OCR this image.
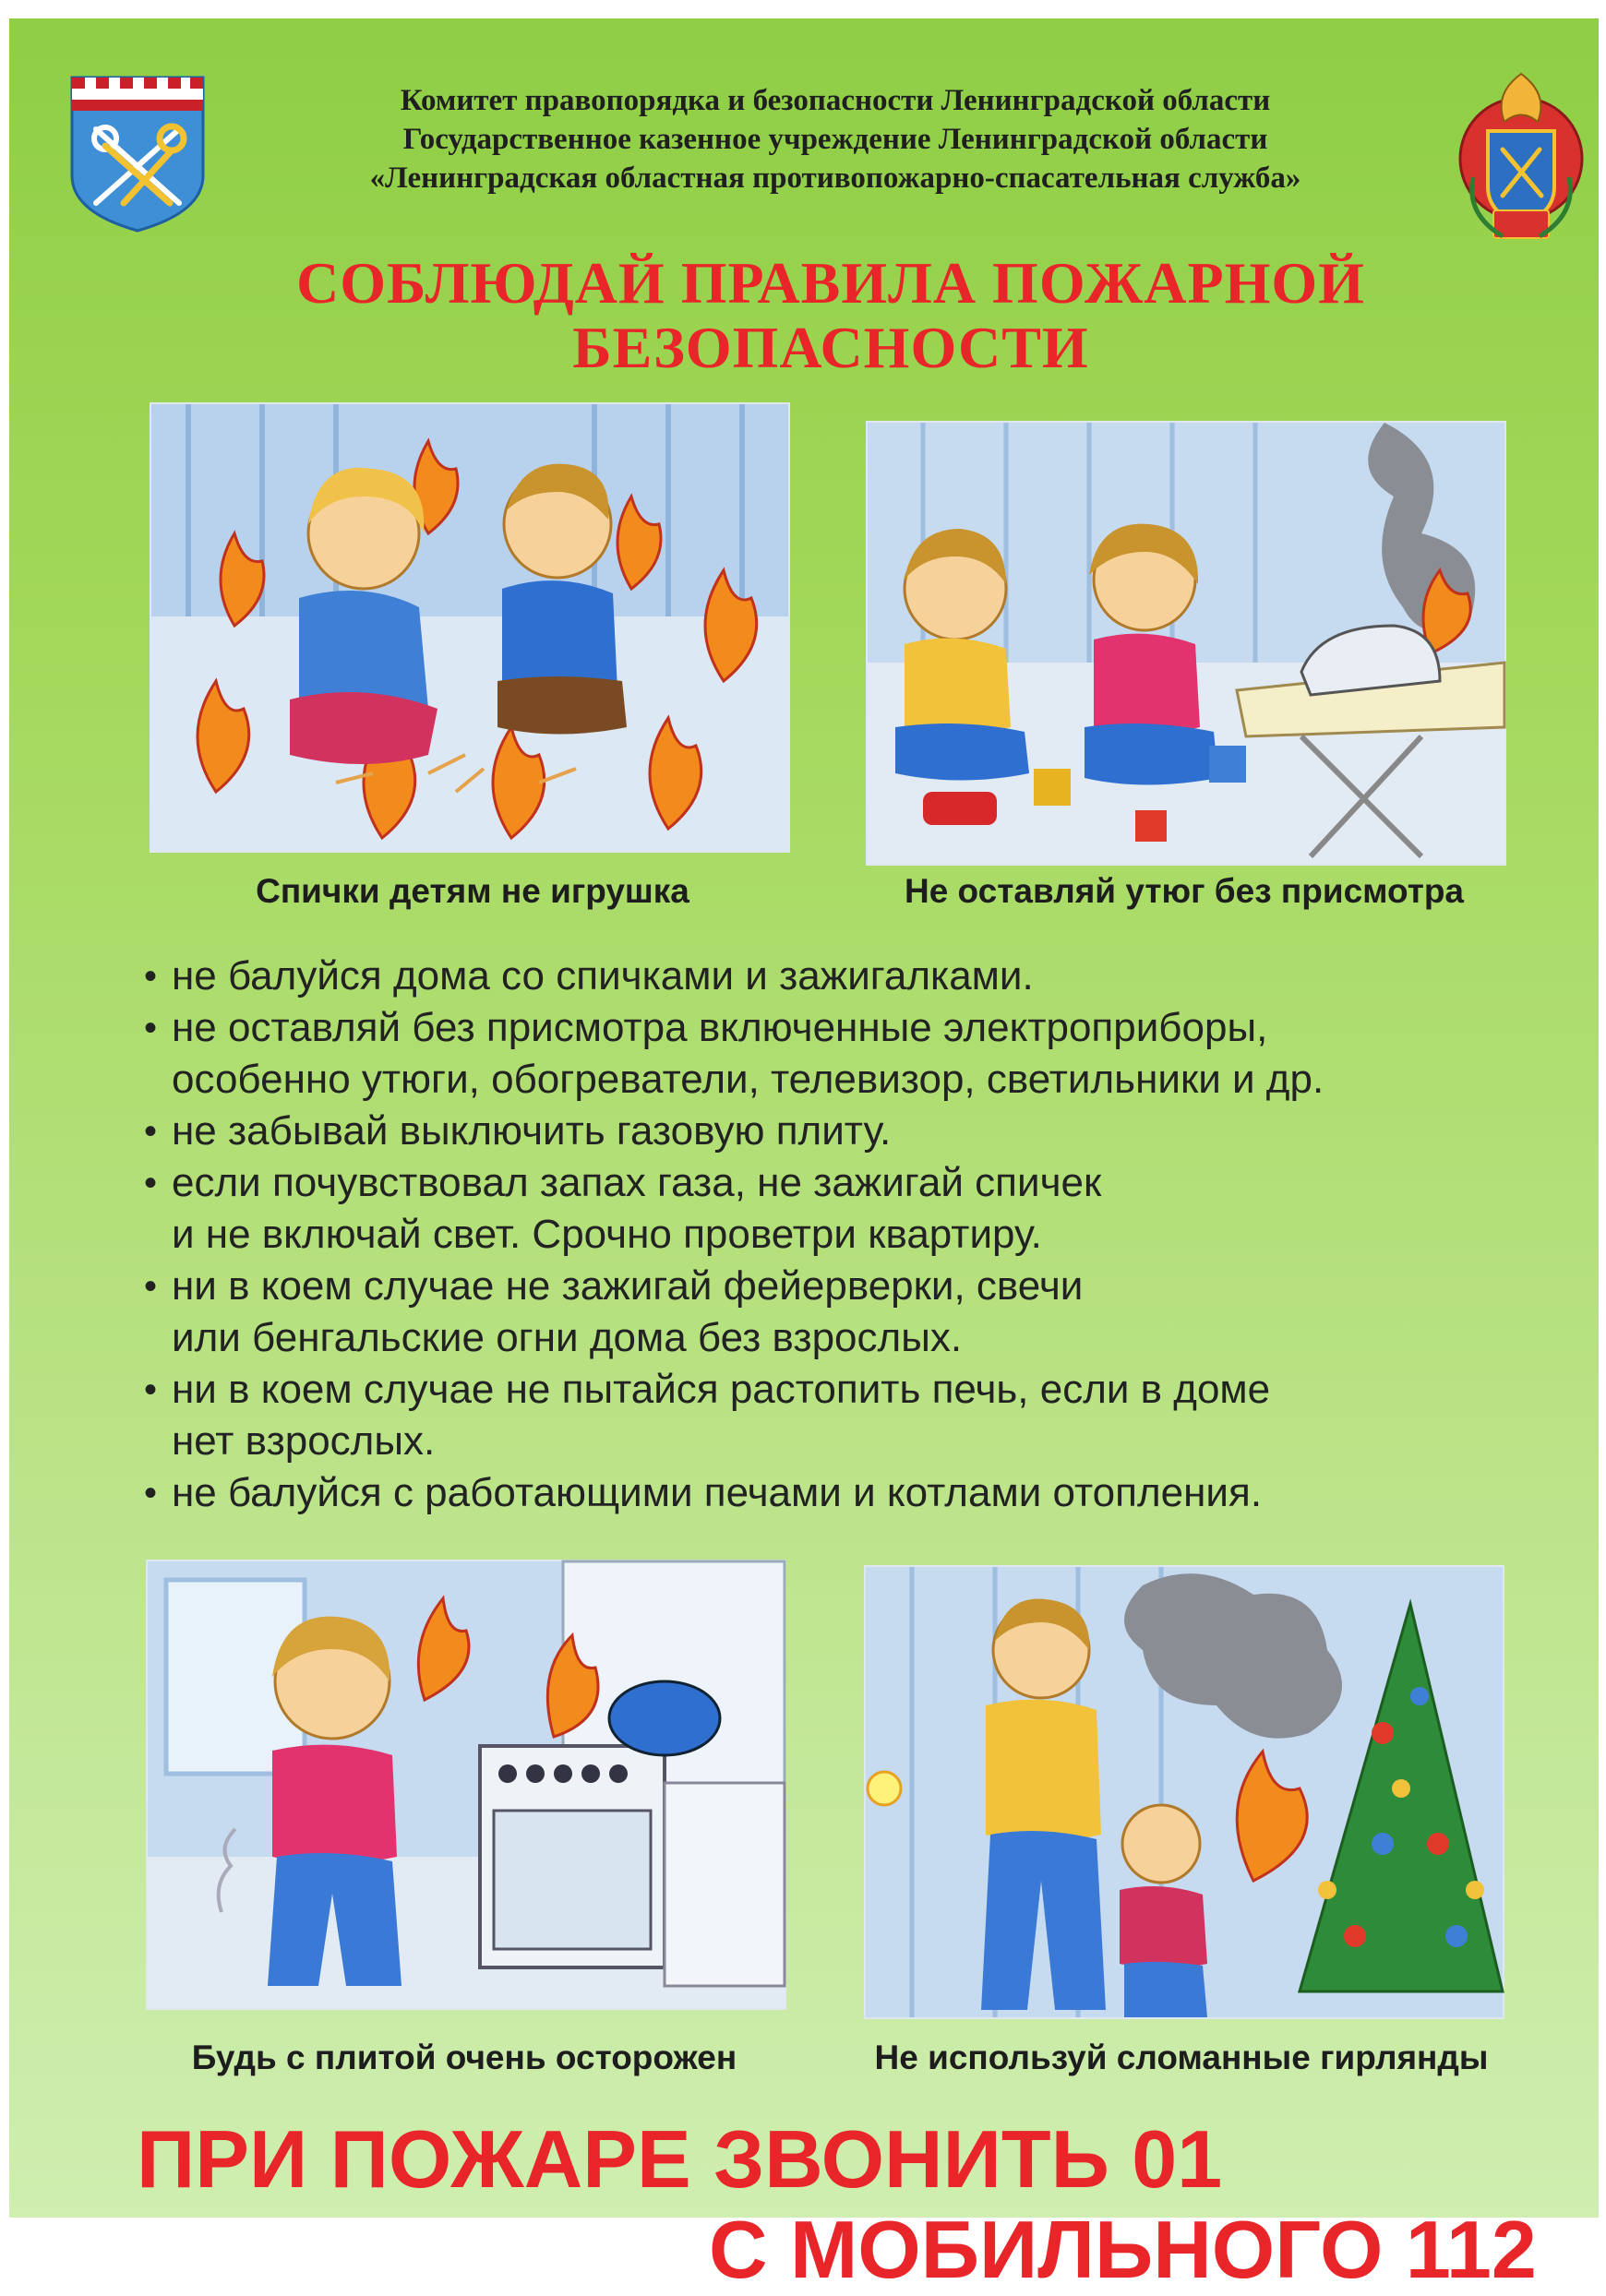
Комитет правопорядка и безопасности Ленинградской области
Государственное казенное учреждение Ленинградской области
«Ленинградская областная противопожарно-спасательная служба»
СОБЛЮДАЙ ПРАВИЛА ПОЖАРНОЙ
БЕЗОПАСНОСТИ
Спички детям не игрушка	Не оставляй утюг без присмотра
• не балуйся дома со спичками и зажигалками.
• не оставляй без присмотра включенные электроприборы,
особенно утюги, обогреватели, телевизор, светильники и др.
• не забывай выключить газовую плиту.
• если почувствовал запах газа, не зажигай спичек
и не включай свет. Срочно проветри квартиру.
• ни в коем случае не зажигай фейерверки, свечи
или бенгальские огни дома без взрослых.
• ни в коем случае не пытайся растопить печь, если в доме
нет взрослых.
• не балуйся с работающими печами и котлами отопления.
Будь с плитой очень осторожен	Не используй сломанные гирлянды
ПРИ ПОЖАРЕ ЗВОНИТЬ 01
С МОБИЛЬНОГО 112
